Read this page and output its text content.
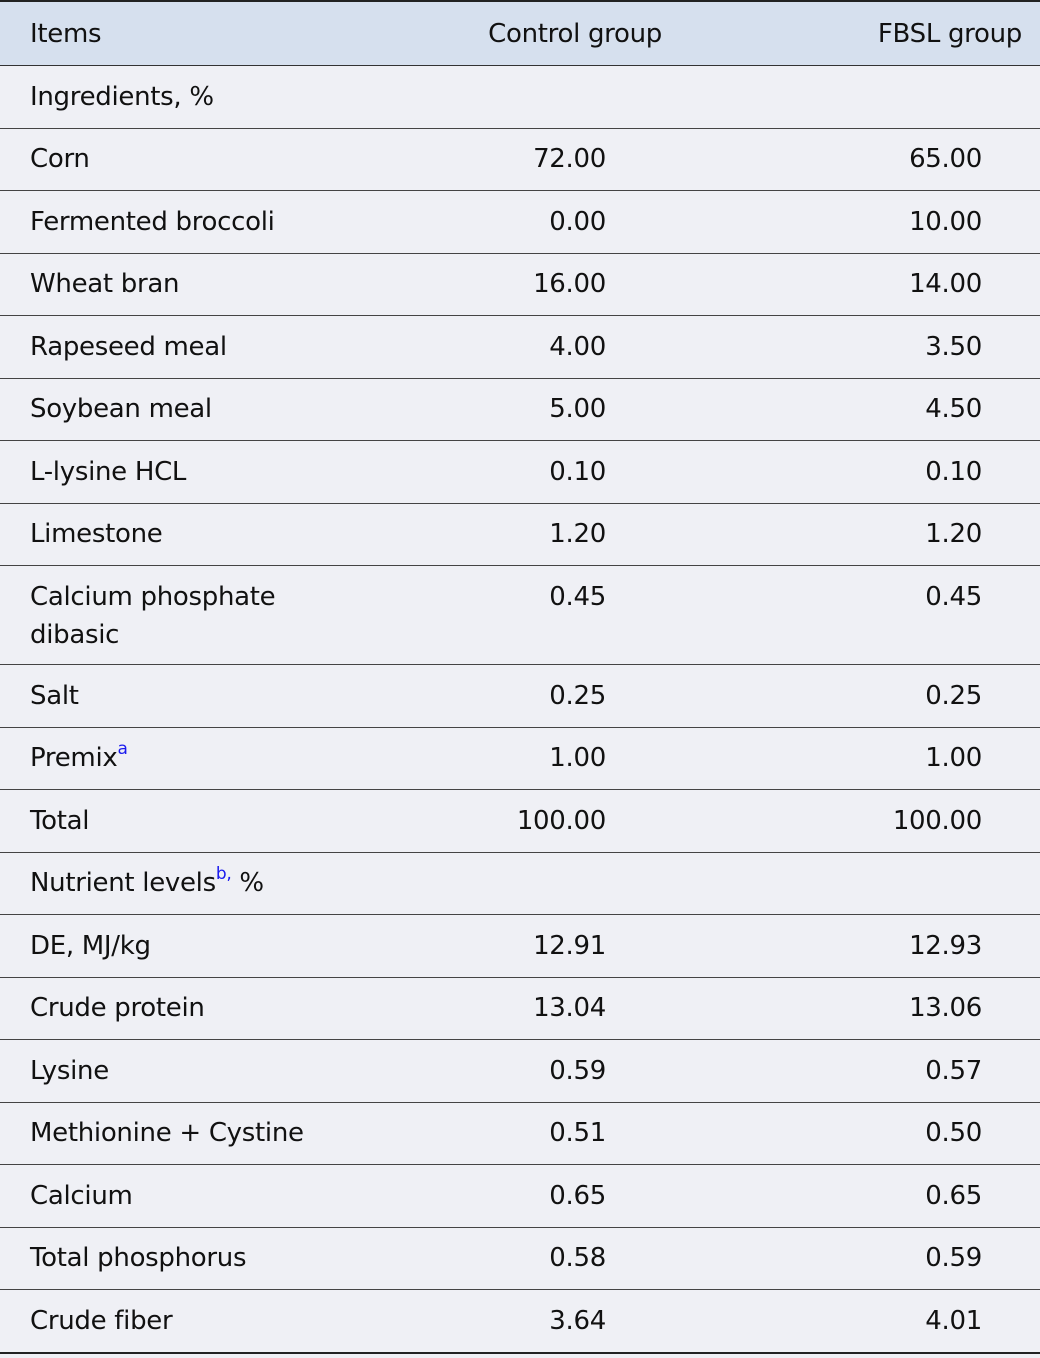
Items	Control group	FBSL group
Ingredients, %		
Corn	72.00	65.00
Fermented broccoli	0.00	10.00
Wheat bran	16.00	14.00
Rapeseed meal	4.00	3.50
Soybean meal	5.00	4.50
L-lysine HCL	0.10	0.10
Limestone	1.20	1.20
Calcium phosphate
dibasic	0.45	0.45
Salt	0.25	0.25
Premix$^a$	1.00	1.00
Total	100.00	100.00
Nutrient levels$^{b,}$ %		
DE, MJ/kg	12.91	12.93
Crude protein	13.04	13.06
Lysine	0.59	0.57
Methionine + Cystine	0.51	0.50
Calcium	0.65	0.65
Total phosphorus	0.58	0.59
Crude fiber	3.64	4.01
